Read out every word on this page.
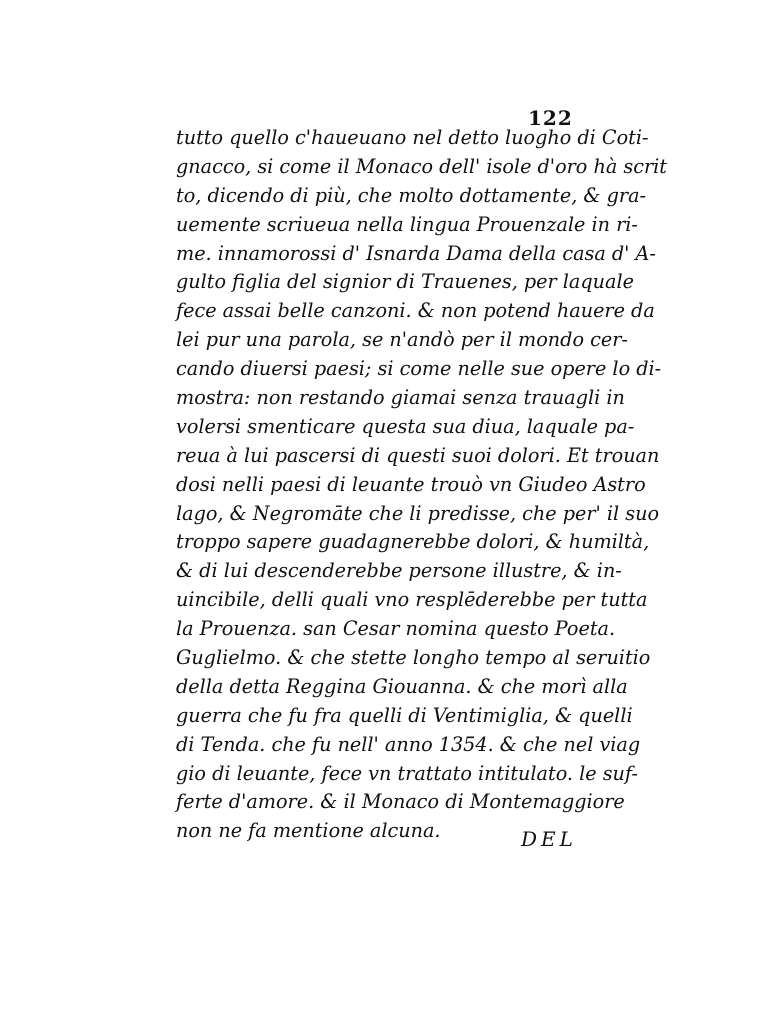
122
tutto quello c'haueuano nel detto luogho di Coti-
gnacco, si come il Monaco dell' isole d'oro hà scrit
to, dicendo di più, che molto dottamente, & gra-
uemente scriueua nella lingua Prouenzale in ri-
me. innamorossi d' Isnarda Dama della casa d' A-
gulto figlia del signior di Trauenes, per laquale
fece assai belle canzoni. & non potend hauere da
lei pur una parola, se n'andò per il mondo cer-
cando diuersi paesi; si come nelle sue opere lo di-
mostra: non restando giamai senza trauagli in
volersi smenticare questa sua diua, laquale pa-
reua à lui pascersi di questi suoi dolori. Et trouan
dosi nelli paesi di leuante trouò vn Giudeo Astro
lago, & Negromāte che li predisse, che per' il suo
troppo sapere guadagnerebbe dolori, & humiltà,
& di lui descenderebbe persone illustre, & in-
uincibile, delli quali vno resplēderebbe per tutta
la Prouenza. san Cesar nomina questo Poeta.
Guglielmo. & che stette longho tempo al seruitio
della detta Reggina Giouanna. & che morì alla
guerra che fu fra quelli di Ventimiglia, & quelli
di Tenda. che fu nell' anno 1354. & che nel viag
gio di leuante, fece vn trattato intitulato. le suf-
ferte d'amore. & il Monaco di Montemaggiore
non ne fa mentione alcuna.	DEL
